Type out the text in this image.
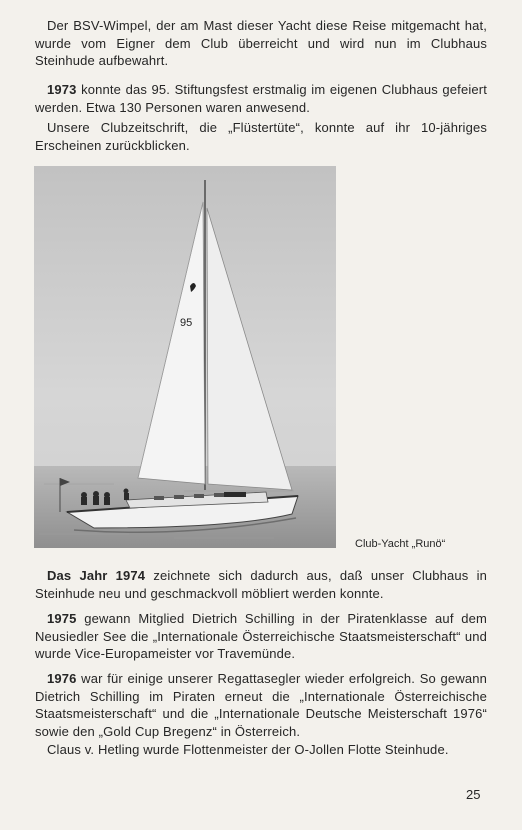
Der BSV-Wimpel, der am Mast dieser Yacht diese Reise mitgemacht hat, wurde vom Eigner dem Club überreicht und wird nun im Clubhaus Steinhude aufbewahrt.

1973 konnte das 95. Stiftungsfest erstmalig im eigenen Clubhaus gefeiert werden. Etwa 130 Personen waren anwesend.

Unsere Clubzeitschrift, die „Flüstertüte“, konnte auf ihr 10-jähriges Erscheinen zurückblicken.

95

Club-Yacht „Runö“

Das Jahr 1974 zeichnete sich dadurch aus, daß unser Clubhaus in Steinhude neu und geschmackvoll möbliert werden konnte.

1975 gewann Mitglied Dietrich Schilling in der Piratenklasse auf dem Neusiedler See die „Internationale Österreichische Staatsmeisterschaft“ und wurde Vice-Europameister vor Travemünde.

1976 war für einige unserer Regattasegler wieder erfolgreich. So gewann Dietrich Schilling im Piraten erneut die „Internationale Österreichische Staatsmeisterschaft“ und die „Internationale Deutsche Meisterschaft 1976“ sowie den „Gold Cup Bregenz“ in Österreich.

Claus v. Hetling wurde Flottenmeister der O-Jollen Flotte Steinhude.

25
